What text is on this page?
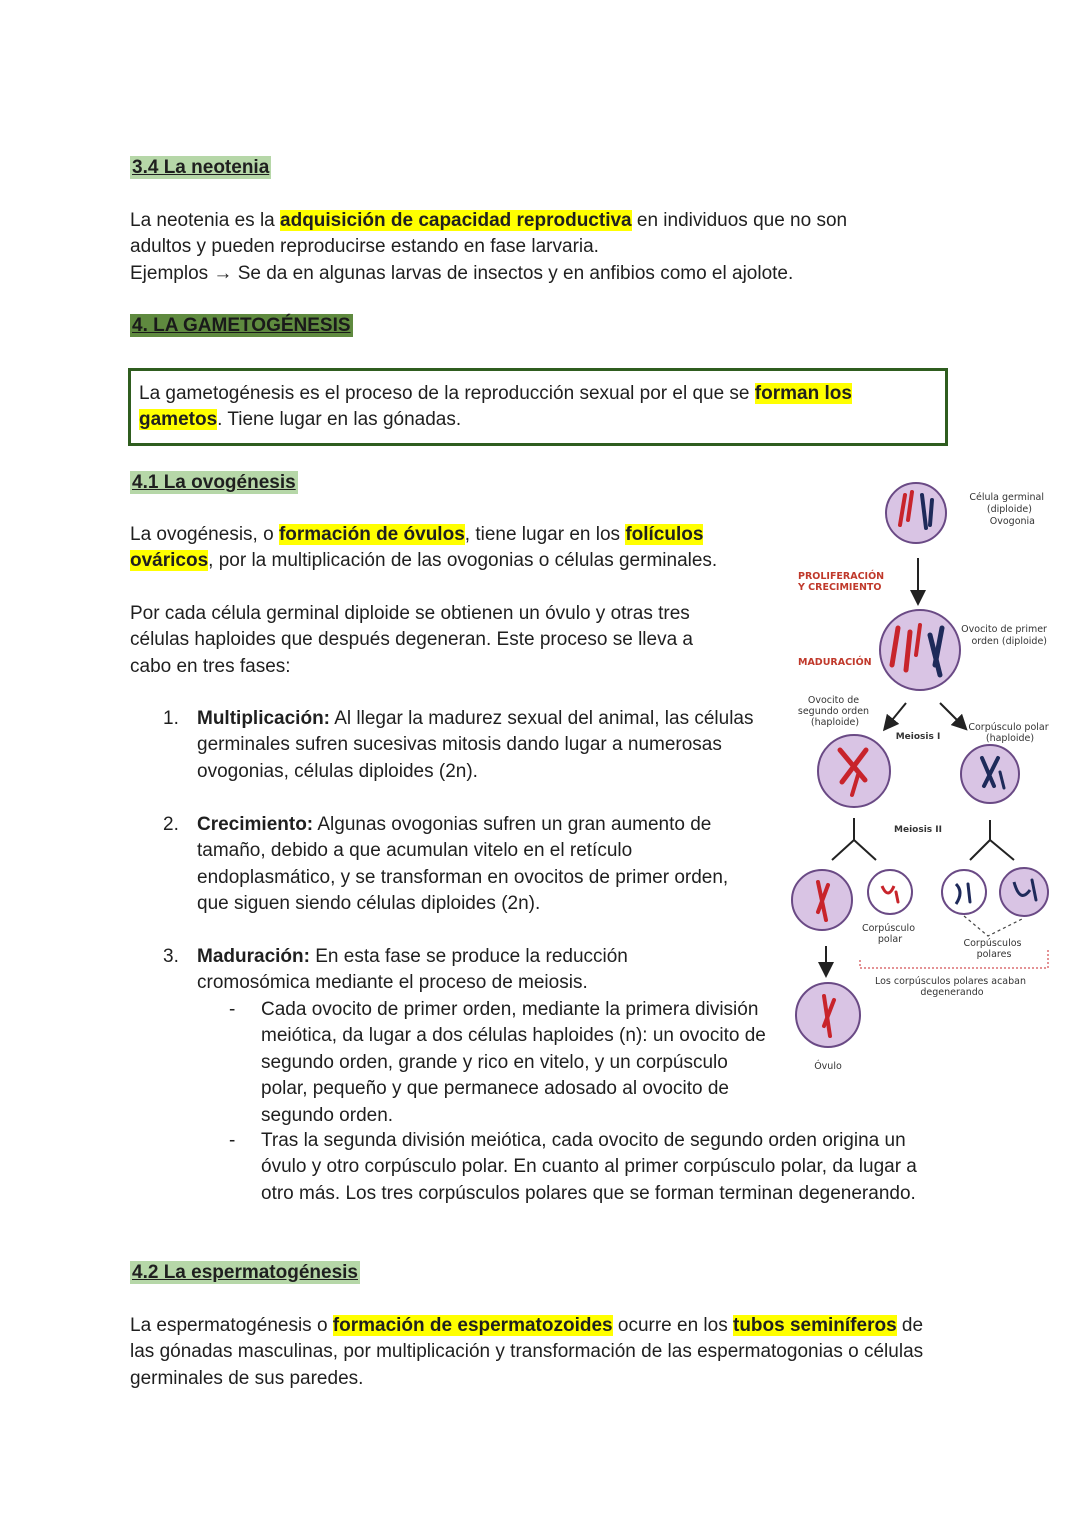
3.4 La neotenia
La neotenia es la adquisición de capacidad reproductiva en individuos que no son adultos y pueden reproducirse estando en fase larvaria.
Ejemplos → Se da en algunas larvas de insectos y en anfibios como el ajolote.
4. LA GAMETOGÉNESIS
La gametogénesis es el proceso de la reproducción sexual por el que se forman los gametos. Tiene lugar en las gónadas.
4.1 La ovogénesis
La ovogénesis, o formación de óvulos, tiene lugar en los folículos ováricos, por la multiplicación de las ovogonias o células germinales.
Por cada célula germinal diploide se obtienen un óvulo y otras tres células haploides que después degeneran. Este proceso se lleva a cabo en tres fases:
1. Multiplicación: Al llegar la madurez sexual del animal, las células germinales sufren sucesivas mitosis dando lugar a numerosas ovogonias, células diploides (2n).
2. Crecimiento: Algunas ovogonias sufren un gran aumento de tamaño, debido a que acumulan vitelo en el retículo endoplasmático, y se transforman en ovocitos de primer orden, que siguen siendo células diploides (2n).
3. Maduración: En esta fase se produce la reducción cromosómica mediante el proceso de meiosis.
- Cada ovocito de primer orden, mediante la primera división meiótica, da lugar a dos células haploides (n): un ovocito de segundo orden, grande y rico en vitelo, y un corpúsculo polar, pequeño y que permanece adosado al ovocito de segundo orden.
- Tras la segunda división meiótica, cada ovocito de segundo orden origina un óvulo y otro corpúsculo polar. En cuanto al primer corpúsculo polar, da lugar a otro más. Los tres corpúsculos polares que se forman terminan degenerando.
Célula germinal (diploide) Ovogonia
PROLIFERACIÓN Y CRECIMIENTO
Ovocito de primer orden (diploide)
MADURACIÓN
Meiosis I
Ovocito de segundo orden (haploide)	Corpúsculo polar (haploide)
Meiosis II
Corpúsculo polar	Corpúsculos polares
Los corpúsculos polares acaban degenerando
Óvulo
4.2 La espermatogénesis
La espermatogénesis o formación de espermatozoides ocurre en los tubos seminíferos de las gónadas masculinas, por multiplicación y transformación de las espermatogonias o células germinales de sus paredes.
